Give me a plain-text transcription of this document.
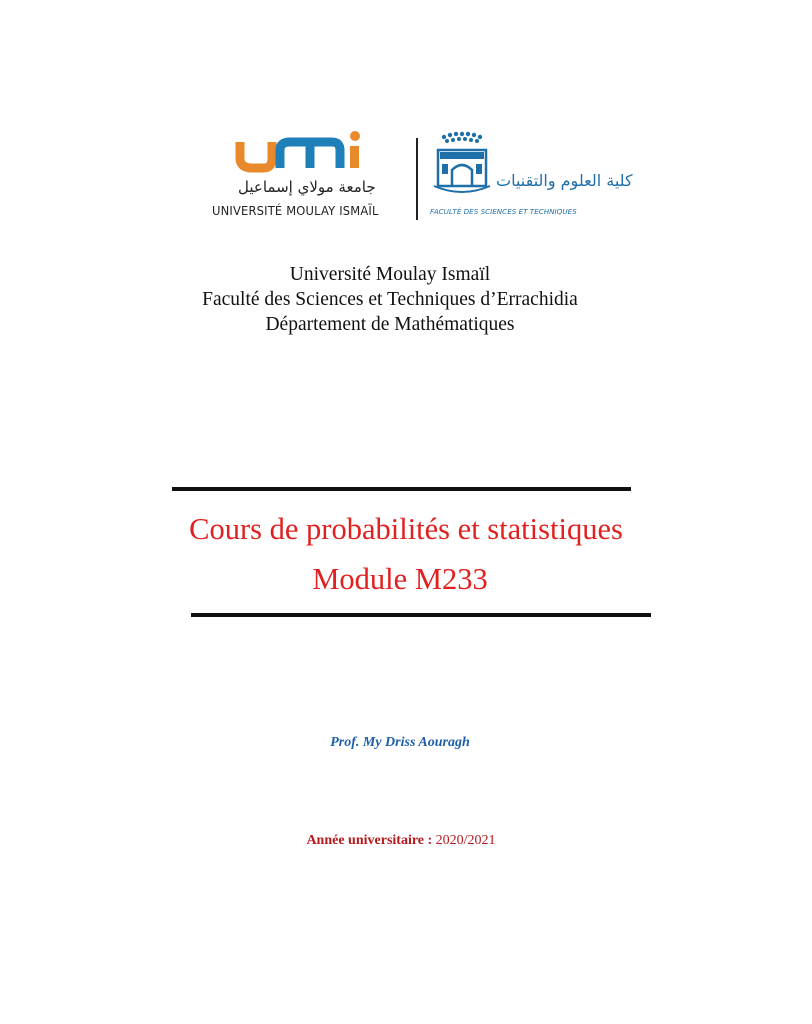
جامعة مولاي إسماعيل
UNIVERSITÉ MOULAY ISMAÏL
كلية العلوم والتقنيات
FACULTÉ DES SCIENCES ET TECHNIQUES
Université Moulay Ismaïl
Faculté des Sciences et Techniques d’Errachidia
Département de Mathématiques
Cours de probabilités et statistiques
Module M233
Prof. My Driss Aouragh
Année universitaire : 2020/2021
